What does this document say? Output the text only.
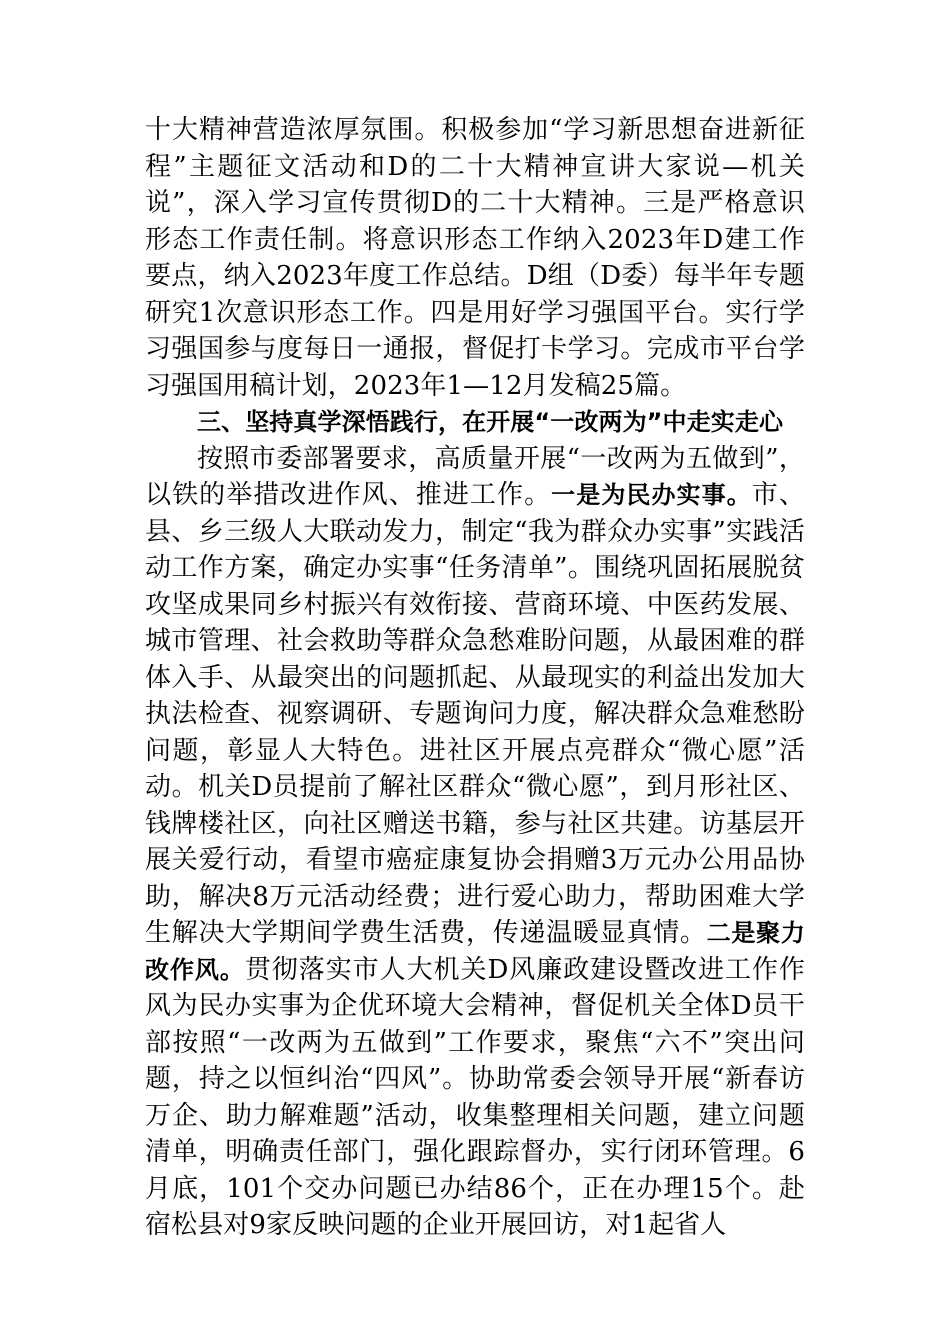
十大精神营造浓厚氛围。积极参加“学习新思想奋进新征程”主题征文活动和D的二十大精神宣讲大家说—机关说”，深入学习宣传贯彻D的二十大精神。三是严格意识形态工作责任制。将意识形态工作纳入2023年D建工作要点，纳入2023年度工作总结。D组（D委）每半年专题研究1次意识形态工作。四是用好学习强国平台。实行学习强国参与度每日一通报，督促打卡学习。完成市平台学习强国用稿计划，2023年1—12月发稿25篇。

三、坚持真学深悟践行，在开展“一改两为”中走实走心

按照市委部署要求，高质量开展“一改两为五做到”，以铁的举措改进作风、推进工作。一是为民办实事。市、县、乡三级人大联动发力，制定“我为群众办实事”实践活动工作方案，确定办实事“任务清单”。围绕巩固拓展脱贫攻坚成果同乡村振兴有效衔接、营商环境、中医药发展、城市管理、社会救助等群众急愁难盼问题，从最困难的群体入手、从最突出的问题抓起、从最现实的利益出发加大执法检查、视察调研、专题询问力度，解决群众急难愁盼问题，彰显人大特色。进社区开展点亮群众“微心愿”活动。机关D员提前了解社区群众“微心愿”，到月形社区、钱牌楼社区，向社区赠送书籍，参与社区共建。访基层开展关爱行动，看望市癌症康复协会捐赠3万元办公用品协助，解决8万元活动经费；进行爱心助力，帮助困难大学生解决大学期间学费生活费，传递温暖显真情。二是聚力改作风。贯彻落实市人大机关D风廉政建设暨改进工作作风为民办实事为企优环境大会精神，督促机关全体D员干部按照“一改两为五做到”工作要求，聚焦“六不”突出问题，持之以恒纠治“四风”。协助常委会领导开展“新春访万企、助力解难题”活动，收集整理相关问题，建立问题清单，明确责任部门，强化跟踪督办，实行闭环管理。6月底，101个交办问题已办结86个，正在办理15个。赴宿松县对9家反映问题的企业开展回访，对1起省人
